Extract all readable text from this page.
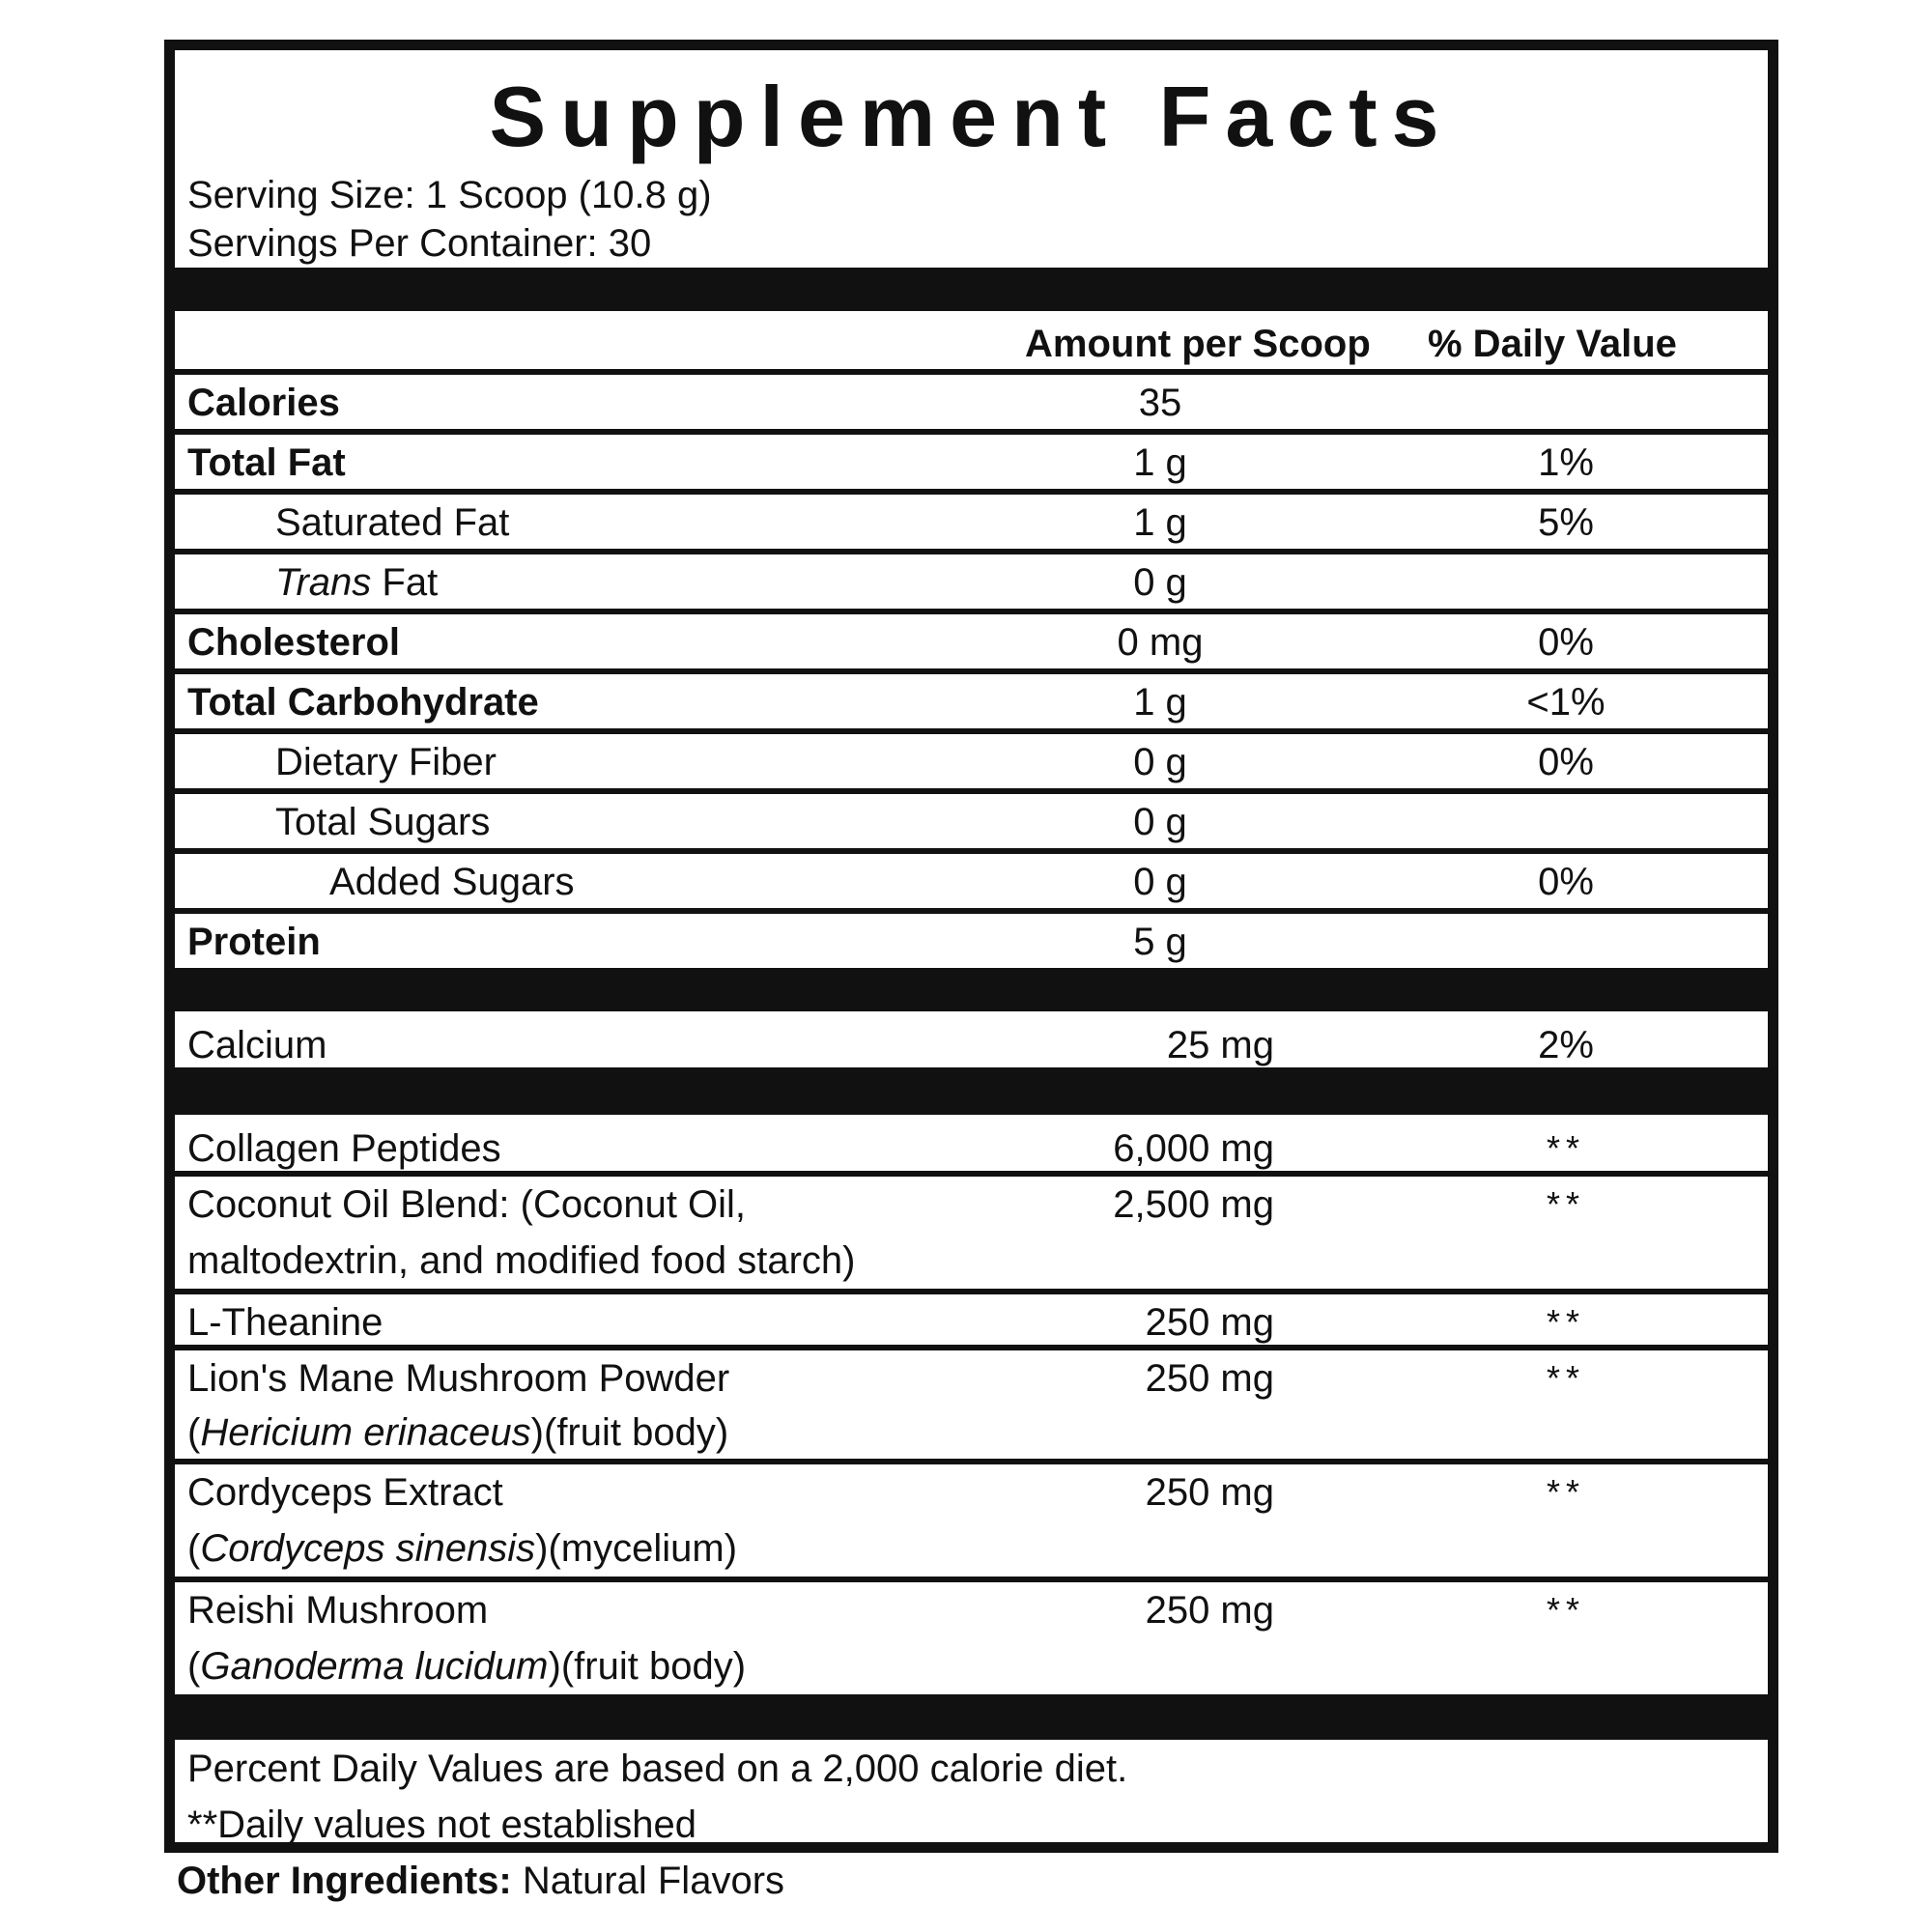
Supplement Facts
Serving Size: 1 Scoop (10.8 g)
Servings Per Container: 30
Amount per Scoop % Daily Value
Calories	35
Total Fat	1 g	1%
Saturated Fat	1 g	5%
Trans Fat	0 g
Cholesterol	0 mg	0%
Total Carbohydrate	1 g	<1%
Dietary Fiber	0 g	0%
Total Sugars	0 g
Added Sugars	0 g	0%
Protein	5 g
Calcium	25 mg	2%
Collagen Peptides	6,000 mg	**
Coconut Oil Blend: (Coconut Oil,
maltodextrin, and modified food starch)
2,500 mg	**
L-Theanine	250 mg	**
Lion's Mane Mushroom Powder
(Hericium erinaceus)(fruit body)
250 mg	**
Cordyceps Extract
(Cordyceps sinensis)(mycelium)
250 mg	**
Reishi Mushroom
(Ganoderma lucidum)(fruit body)
250 mg	**
Percent Daily Values are based on a 2,000 calorie diet.
**Daily values not established
Other Ingredients: Natural Flavors
